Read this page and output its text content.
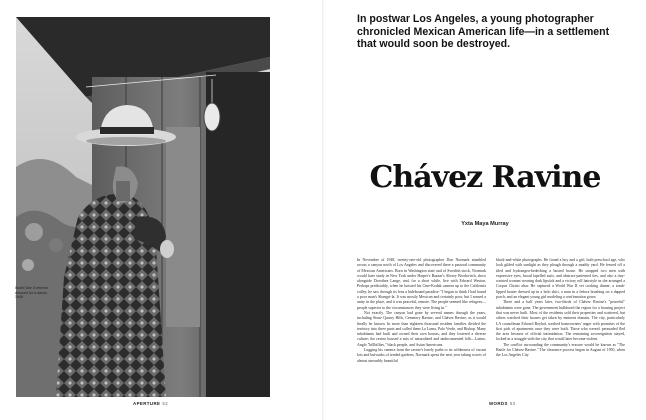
World War II veteran
dressed for a dance,
1949
APERTURE 52

In postwar Los Angeles, a young photographer chronicled Mexican American life—in a settlement that would soon be destroyed.

Chávez Ravine
Yxta Maya Murray

In November of 1948, twenty-one-old photographer Don Normark stumbled across a canyon north of Los Angeles and discovered there a pastoral community of Mexican Americans. Born in Washington state and of Swedish stock, Normark would later study in New York under Harper's Bazaar's Alexey Brodovitch, show alongside Dorothea Lange, and, for a short while, live with Edward Weston. Perhaps predictably, when he hoisted his Cine-Kodak camera up to the California valley, he saw through its lens a hidebound paradise: "I began to think I had found a poor man's Shangri-la. It was mostly Mexican and certainly poor, but I sensed a unity in the place, and it was peaceful, remote. The people seemed like refugees—people superior to the circumstances they were living in."

Not exactly. The canyon had gone by several names through the years, including Stone Quarry Hills, Cemetery Ravine, and Chávez Ravine, as it would finally be known. In more than eighteen thousand resident families divided the territory into three parts and called them La Loma, Palo Verde, and Bishop. Many inhabitants had built and owned their own houses, and they fostered a diverse culture; the ravine housed a mix of naturalized and undocumented folk—Latino, Anglo "hillbillies," black people, and Asian Americans.

Lugging his camera from the ravine's lonely paths to its wilderness of vacant lots and bulwarks of tended gardens, Normark spent the next year taking scores of almost unearthly beautiful

black-and-white photographs. He found a boy and a girl, both preschool age, who look gilded with sunlight as they plough through a muddy yard. He fenced off a tiled and hydrangea-bedecking a busted house. He snapped two men with expressive eyes, broad lapelled suits, and abstract-patterned ties, and also a tiny-waisted woman wearing dark lipstick and a victory roll hairstyle as she arranged a Corpus Christi altar. He captured a World War II vet cooking dinner, a tomb-lipped boater dressed up in a bolo shirt, a man in a fedora brushing on a dapped porch, and an elegant young girl modeling a confirmation gown.

Three and a half years later, two-thirds of Chávez Ravine's "peaceful" inhabitants were gone. The government bulldozed the region for a housing project that was never built. Most of the residents sold their properties and scattered, but others watched their houses get taken by eminent domain. The city, particularly LA councilman Edward Roybal, soothed homeowners' anger with promises of the first pick of apartments once they were built. Those who weren't persuaded fled the area because of official intimidation. The remaining sovereigntists stayed, locked in a struggle with the city that would later become violent.

The conflict surrounding the community's erasure would be known as "The Battle for Chávez Ravine." The clearance process began in August of 1950, when the Los Angeles City

WORDS 53
